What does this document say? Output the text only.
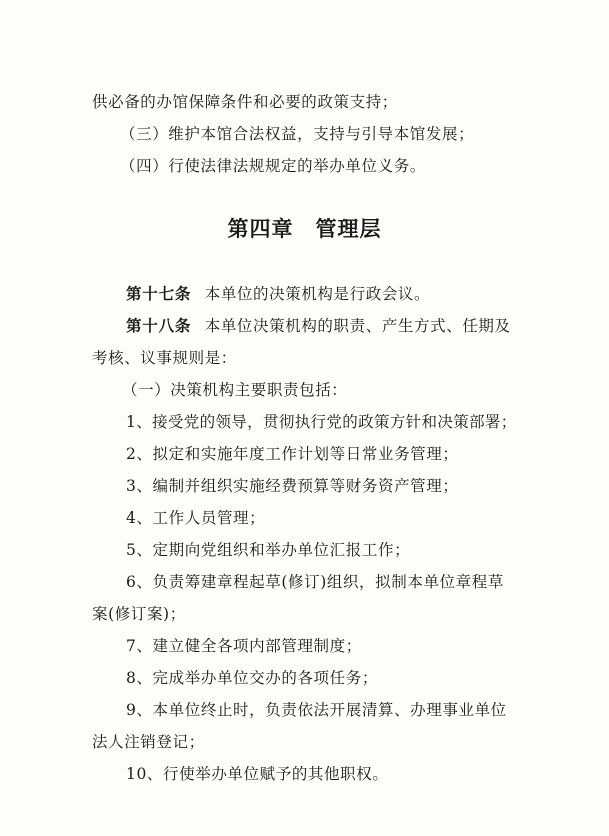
供必备的办馆保障条件和必要的政策支持；
（三）维护本馆合法权益，支持与引导本馆发展；
（四）行使法律法规规定的举办单位义务。
第四章　管理层
第十七条 本单位的决策机构是行政会议。
第十八条 本单位决策机构的职责、产生方式、任期及
考核、议事规则是：
（一）决策机构主要职责包括：
1、接受党的领导，贯彻执行党的政策方针和决策部署；
2、拟定和实施年度工作计划等日常业务管理；
3、编制并组织实施经费预算等财务资产管理；
4、工作人员管理；
5、定期向党组织和举办单位汇报工作；
6、负责筹建章程起草(修订)组织，拟制本单位章程草
案(修订案)；
7、建立健全各项内部管理制度；
8、完成举办单位交办的各项任务；
9、本单位终止时，负责依法开展清算、办理事业单位
法人注销登记；
10、行使举办单位赋予的其他职权。
